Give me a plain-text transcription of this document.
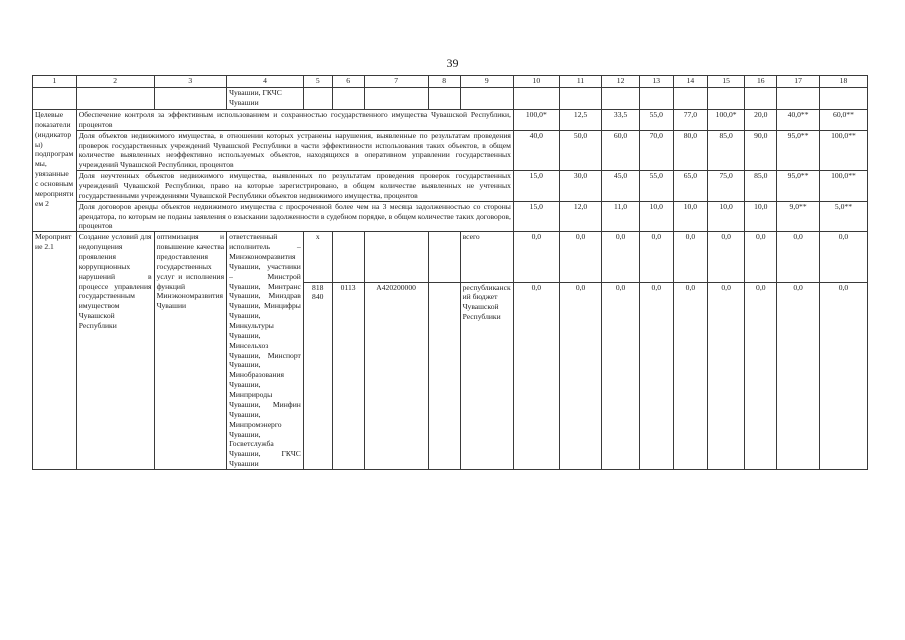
39
1	2	3	4	5	6	7	8	9	10	11	12	13	14	15	16	17	18
			Чувашии, ГКЧС Чувашии														
Целевые показатели (индикаторы) подпрограммы, увязанные с основным мероприятием 2	Обеспечение контроля за эффективным использованием и сохранностью государственного имущества Чувашской Республики, процентов								100,0*	12,5	33,5	55,0	77,0	100,0*	20,0	40,0**	60,0**
	Доля объектов недвижимого имущества, в отношении которых устранены нарушения, выявленные по результатам проведения проверок государственных учреждений Чувашской Республики в части эффективности использования таких объектов, в общем количестве выявленных неэффективно используемых объектов, находящихся в оперативном управлении государственных учреждений Чувашской Республики, процентов								40,0	50,0	60,0	70,0	80,0	85,0	90,0	95,0**	100,0**
	Доля неучтенных объектов недвижимого имущества, выявленных по результатам проведения проверок государственных учреждений Чувашской Республики, право на которые зарегистрировано, в общем количестве выявленных не учтенных государственными учреждениями Чувашской Республики объектов недвижимого имущества, процентов								15,0	30,0	45,0	55,0	65,0	75,0	85,0	95,0**	100,0**
	Доля договоров аренды объектов недвижимого имущества с просроченной более чем на 3 месяца задолженностью со стороны арендатора, по которым не поданы заявления о взыскании задолженности в судебном порядке, в общем количестве таких договоров, процентов								15,0	12,0	11,0	10,0	10,0	10,0	10,0	9,0**	5,0**
Мероприятие 2.1	Создание условий для недопущения проявления коррупционных нарушений в процессе управления государственным имуществом Чувашской Республики	оптимизация и повышение качества предоставления государственных услуг и исполнения функций Минэкономразвития Чувашии	ответственный исполнитель – Минэкономразвития Чувашии, участники – Минстрой Чувашии, Минтранс Чувашии, Минздрав Чувашии, Минцифры Чувашии, Минкультуры Чувашии, Минсельхоз Чувашии, Минспорт Чувашии, Минобразования Чувашии, Минприроды Чувашии, Минфин Чувашии, Минпромэнерго Чувашии, Госветслужба Чувашии, ГКЧС Чувашии	x				всего	0,0	0,0	0,0	0,0	0,0	0,0	0,0	0,0	0,0
				818 840	0113	А420200000		республиканский бюджет Чувашской Республики	0,0	0,0	0,0	0,0	0,0	0,0	0,0	0,0	0,0
